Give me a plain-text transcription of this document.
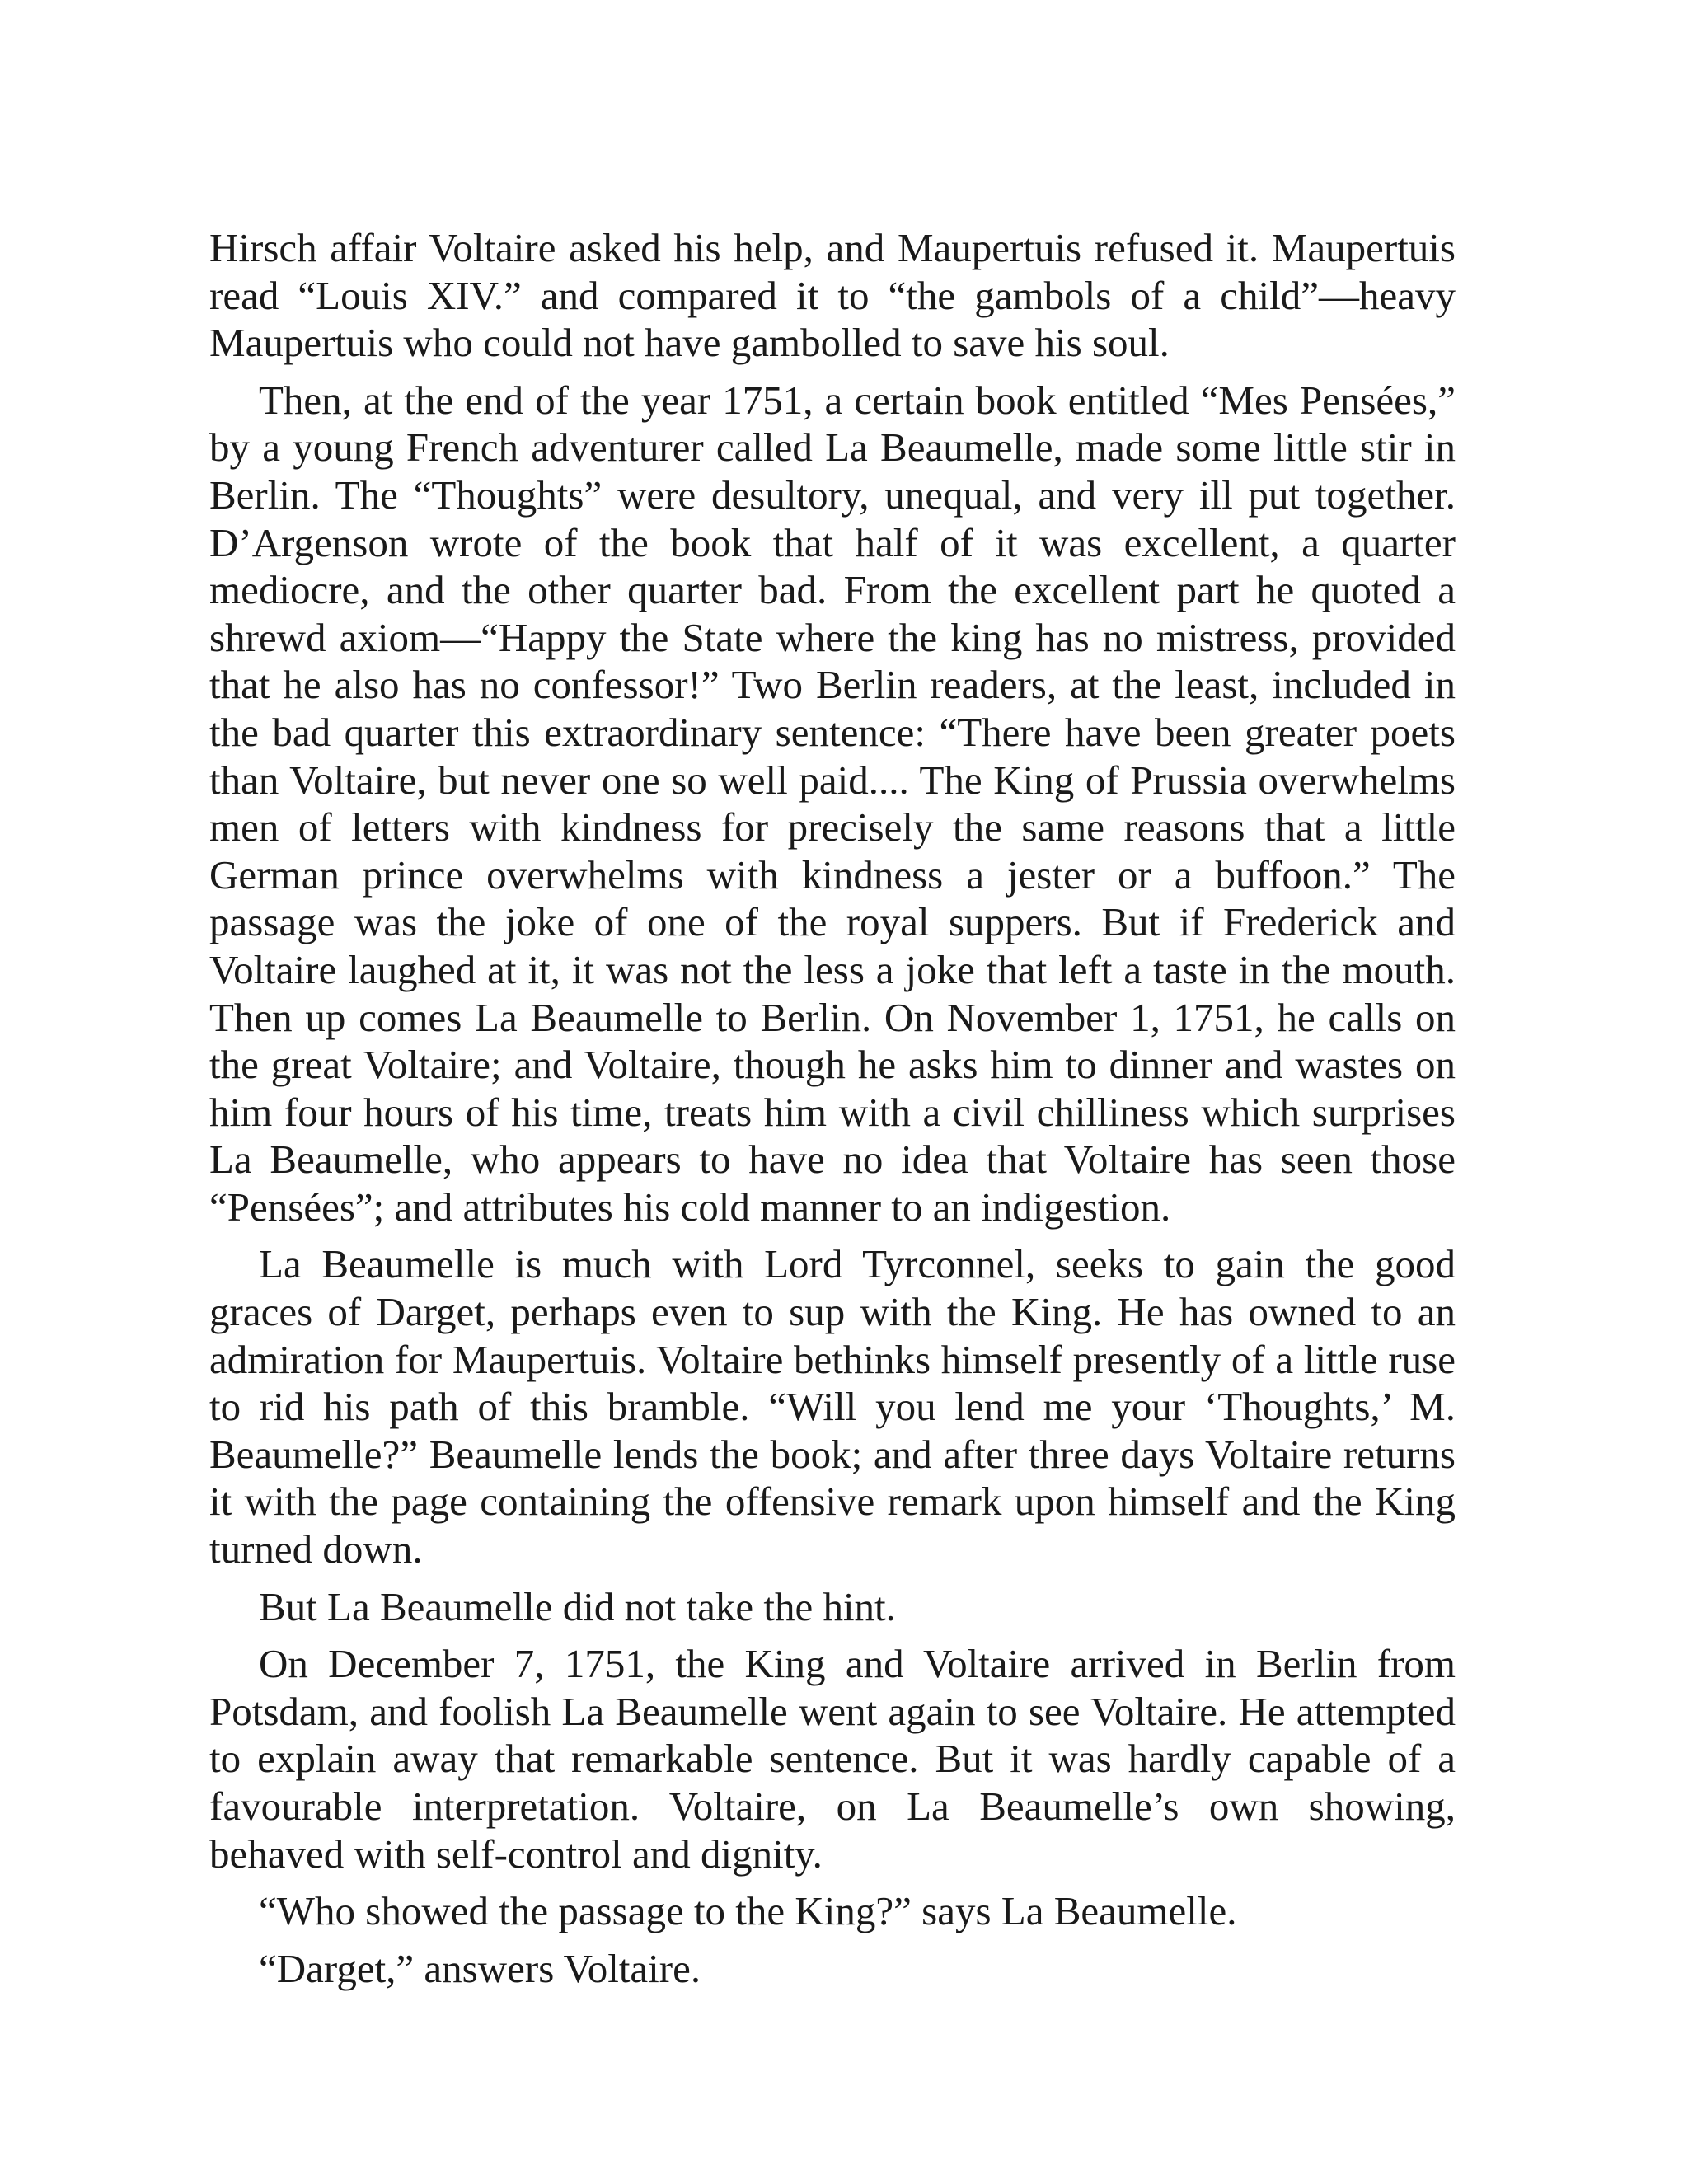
Hirsch affair Voltaire asked his help, and Maupertuis refused it. Maupertuis read “Louis XIV.” and compared it to “the gambols of a child”—heavy Maupertuis who could not have gambolled to save his soul.

Then, at the end of the year 1751, a certain book entitled “Mes Pensées,” by a young French adventurer called La Beaumelle, made some little stir in Berlin. The “Thoughts” were desultory, unequal, and very ill put together. D’Argenson wrote of the book that half of it was excellent, a quarter mediocre, and the other quarter bad. From the excellent part he quoted a shrewd axiom—“Happy the State where the king has no mistress, provided that he also has no confessor!” Two Berlin readers, at the least, included in the bad quarter this extraordinary sentence: “There have been greater poets than Voltaire, but never one so well paid.... The King of Prussia overwhelms men of letters with kindness for precisely the same reasons that a little German prince overwhelms with kindness a jester or a buffoon.” The passage was the joke of one of the royal suppers. But if Frederick and Voltaire laughed at it, it was not the less a joke that left a taste in the mouth. Then up comes La Beaumelle to Berlin. On November 1, 1751, he calls on the great Voltaire; and Voltaire, though he asks him to dinner and wastes on him four hours of his time, treats him with a civil chilliness which surprises La Beaumelle, who appears to have no idea that Voltaire has seen those “Pensées”; and attributes his cold manner to an indigestion.

La Beaumelle is much with Lord Tyrconnel, seeks to gain the good graces of Darget, perhaps even to sup with the King. He has owned to an admiration for Maupertuis. Voltaire bethinks himself presently of a little ruse to rid his path of this bramble. “Will you lend me your ‘Thoughts,’ M. Beaumelle?” Beaumelle lends the book; and after three days Voltaire returns it with the page containing the offensive remark upon himself and the King turned down.

But La Beaumelle did not take the hint.

On December 7, 1751, the King and Voltaire arrived in Berlin from Potsdam, and foolish La Beaumelle went again to see Voltaire. He attempted to explain away that remarkable sentence. But it was hardly capable of a favourable interpretation. Voltaire, on La Beaumelle’s own showing, behaved with self-control and dignity.

“Who showed the passage to the King?” says La Beaumelle.

“Darget,” answers Voltaire.
